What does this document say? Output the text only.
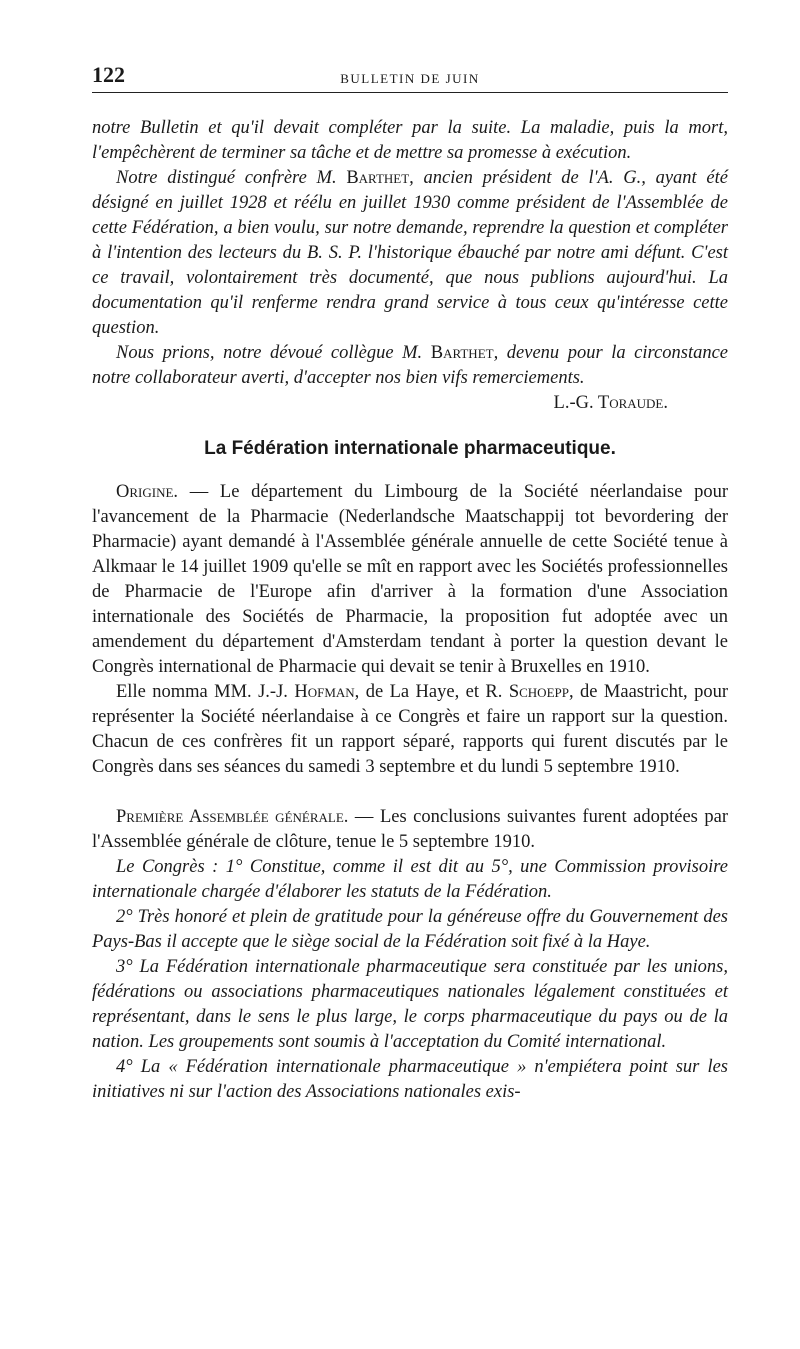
122	BULLETIN DE JUIN

notre Bulletin et qu'il devait compléter par la suite. La maladie, puis la mort, l'empêchèrent de terminer sa tâche et de mettre sa promesse à exécution.

Notre distingué confrère M. Barthet, ancien président de l'A. G., ayant été désigné en juillet 1928 et réélu en juillet 1930 comme président de l'Assemblée de cette Fédération, a bien voulu, sur notre demande, reprendre la question et compléter à l'intention des lecteurs du B. S. P. l'historique ébauché par notre ami défunt. C'est ce travail, volontairement très documenté, que nous publions aujourd'hui. La documentation qu'il renferme rendra grand service à tous ceux qu'intéresse cette question.

Nous prions, notre dévoué collègue M. Barthet, devenu pour la circonstance notre collaborateur averti, d'accepter nos bien vifs remerciements.

L.-G. Toraude.

La Fédération internationale pharmaceutique.

Origine. — Le département du Limbourg de la Société néerlandaise pour l'avancement de la Pharmacie (Nederlandsche Maatschappij tot bevordering der Pharmacie) ayant demandé à l'Assemblée générale annuelle de cette Société tenue à Alkmaar le 14 juillet 1909 qu'elle se mît en rapport avec les Sociétés professionnelles de Pharmacie de l'Europe afin d'arriver à la formation d'une Association internationale des Sociétés de Pharmacie, la proposition fut adoptée avec un amendement du département d'Amsterdam tendant à porter la question devant le Congrès international de Pharmacie qui devait se tenir à Bruxelles en 1910.

Elle nomma MM. J.-J. Hofman, de La Haye, et R. Schoepp, de Maastricht, pour représenter la Société néerlandaise à ce Congrès et faire un rapport sur la question. Chacun de ces confrères fit un rapport séparé, rapports qui furent discutés par le Congrès dans ses séances du samedi 3 septembre et du lundi 5 septembre 1910.

Première Assemblée générale. — Les conclusions suivantes furent adoptées par l'Assemblée générale de clôture, tenue le 5 septembre 1910.

Le Congrès : 1° Constitue, comme il est dit au 5°, une Commission provisoire internationale chargée d'élaborer les statuts de la Fédération.

2° Très honoré et plein de gratitude pour la généreuse offre du Gouvernement des Pays-Bas il accepte que le siège social de la Fédération soit fixé à la Haye.

3° La Fédération internationale pharmaceutique sera constituée par les unions, fédérations ou associations pharmaceutiques nationales légalement constituées et représentant, dans le sens le plus large, le corps pharmaceutique du pays ou de la nation. Les groupements sont soumis à l'acceptation du Comité international.

4° La « Fédération internationale pharmaceutique » n'empiétera point sur les initiatives ni sur l'action des Associations nationales exis-
